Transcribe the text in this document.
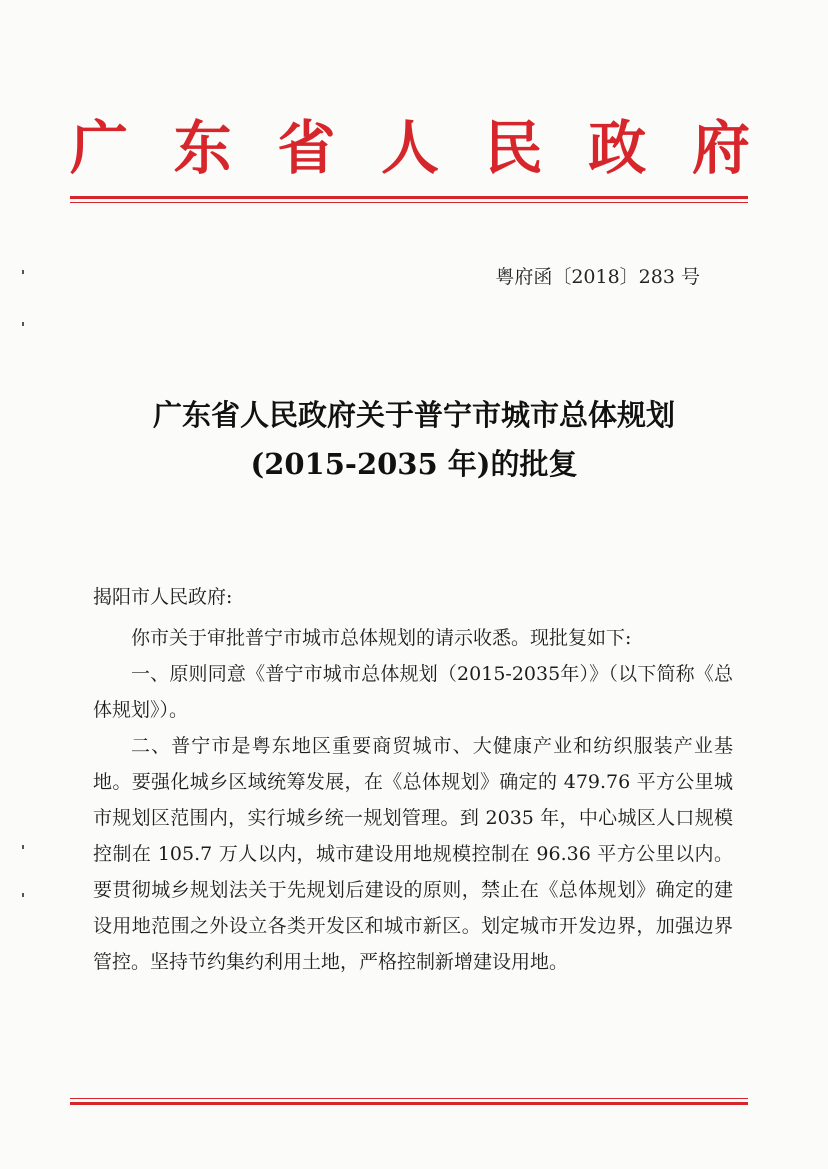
广 东 省 人 民 政 府
粤府函〔2018〕283 号
广东省人民政府关于普宁市城市总体规划
(2015-2035 年)的批复
揭阳市人民政府:

你市关于审批普宁市城市总体规划的请示收悉。现批复如下:

一、原则同意《普宁市城市总体规划（2015-2035年）》（以下简称《总体规划》）。

二、普宁市是粤东地区重要商贸城市、大健康产业和纺织服装产业基地。要强化城乡区域统筹发展，在《总体规划》确定的 479.76 平方公里城市规划区范围内，实行城乡统一规划管理。到 2035 年，中心城区人口规模控制在 105.7 万人以内，城市建设用地规模控制在 96.36 平方公里以内。要贯彻城乡规划法关于先规划后建设的原则，禁止在《总体规划》确定的建设用地范围之外设立各类开发区和城市新区。划定城市开发边界，加强边界管控。坚持节约集约利用土地，严格控制新增建设用地。
